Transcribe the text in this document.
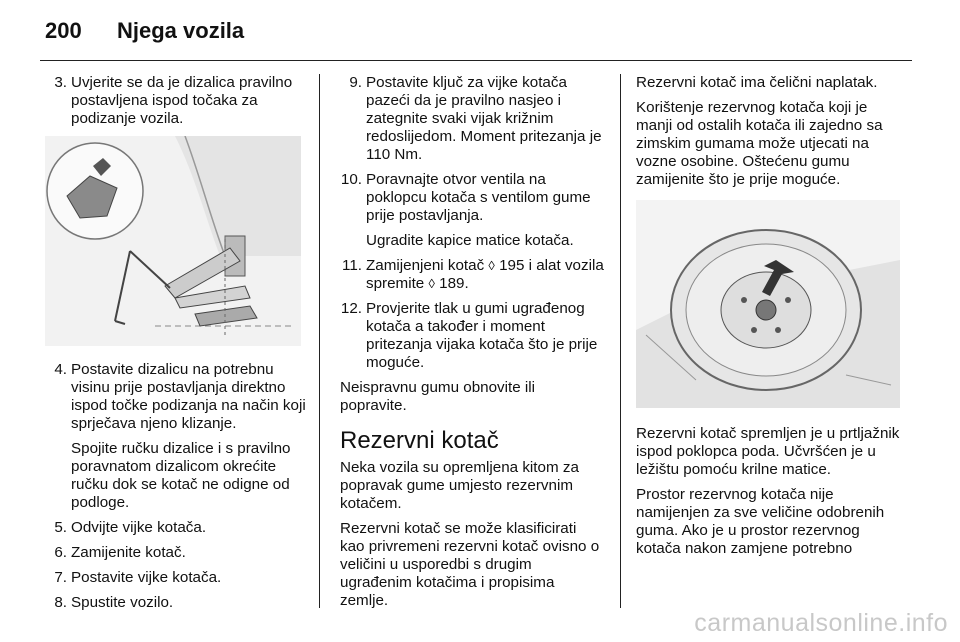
200 Njega vozila

3. Uvjerite se da je dizalica pravilno postavljena ispod točaka za podizanje vozila.

4. Postavite dizalicu na potrebnu visinu prije postavljanja direktno ispod točke podizanja na način koji sprječava njeno klizanje.

Spojite ručku dizalice i s pravilno poravnatom dizalicom okrećite ručku dok se kotač ne odigne od podloge.

5. Odvijte vijke kotača.

6. Zamijenite kotač.

7. Postavite vijke kotača.

8. Spustite vozilo.

9. Postavite ključ za vijke kotača pazeći da je pravilno nasjeo i zategnite svaki vijak križnim redoslijedom. Moment pritezanja je 110 Nm.

10. Poravnajte otvor ventila na poklopcu kotača s ventilom gume prije postavljanja.

Ugradite kapice matice kotača.

11. Zamijenjeni kotač ◊ 195 i alat vozila spremite ◊ 189.

12. Provjerite tlak u gumi ugrađenog kotača a također i moment pritezanja vijaka kotača što je prije moguće.

Neispravnu gumu obnovite ili popravite.

Rezervni kotač

Neka vozila su opremljena kitom za popravak gume umjesto rezervnim kotačem.

Rezervni kotač se može klasificirati kao privremeni rezervni kotač ovisno o veličini u usporedbi s drugim ugrađenim kotačima i propisima zemlje.

Rezervni kotač ima čelični naplatak.

Korištenje rezervnog kotača koji je manji od ostalih kotača ili zajedno sa zimskim gumama može utjecati na vozne osobine. Oštećenu gumu zamijenite što je prije moguće.

Rezervni kotač spremljen je u prtljažnik ispod poklopca poda. Učvršćen je u ležištu pomoću krilne matice.

Prostor rezervnog kotača nije namijenjen za sve veličine odobrenih guma. Ako je u prostor rezervnog kotača nakon zamjene potrebno

carmanualsonline.info
